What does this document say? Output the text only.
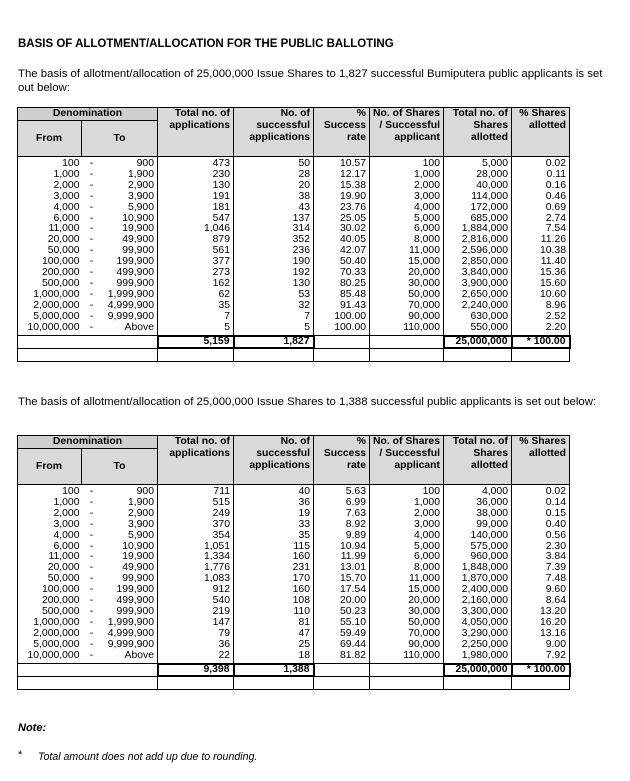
BASIS OF ALLOTMENT/ALLOCATION FOR THE PUBLIC BALLOTING
The basis of allotment/allocation of 25,000,000 Issue Shares to 1,827 successful Bumiputera public applicants is set out below:
The basis of allotment/allocation of 25,000,000 Issue Shares to 1,388 successful public applicants is set out below:
Denomination			Total no. of applications	No. of successful applications	% Success rate	No. of Shares / Successful applicant	Total no. of Shares allotted	% Shares allotted
From	To							
100	-	900	473	50	10.57	100	5,000	0.02
1,000	-	1,900	230	28	12.17	1,000	28,000	0.11
2,000	-	2,900	130	20	15.38	2,000	40,000	0.16
3,000	-	3,900	191	38	19.90	3,000	114,000	0.46
4,000	-	5,900	181	43	23.76	4,000	172,000	0.69
6,000	-	10,900	547	137	25.05	5,000	685,000	2.74
11,000	-	19,900	1,046	314	30.02	6,000	1,884,000	7.54
20,000	-	49,900	879	352	40.05	8,000	2,816,000	11.26
50,000	-	99,900	561	236	42.07	11,000	2,596,000	10.38
100,000	-	199,900	377	190	50.40	15,000	2,850,000	11.40
200,000	-	499,900	273	192	70.33	20,000	3,840,000	15.36
500,000	-	999,900	162	130	80.25	30,000	3,900,000	15.60
1,000,000	-	1,999,900	62	53	85.48	50,000	2,650,000	10.60
2,000,000	-	4,999,900	35	32	91.43	70,000	2,240,000	8.96
5,000,000	-	9,999,900	7	7	100.00	90,000	630,000	2.52
10,000,000	-	Above	5	5	100.00	110,000	550,000	2.20
			5,159	1,827			25,000,000	* 100.00

Denomination			Total no. of applications	No. of successful applications	% Success rate	No. of Shares / Successful applicant	Total no. of Shares allotted	% Shares allotted
From	To							
100	-	900	711	40	5.63	100	4,000	0.02
1,000	-	1,900	515	36	6.99	1,000	36,000	0.14
2,000	-	2,900	249	19	7.63	2,000	38,000	0.15
3,000	-	3,900	370	33	8.92	3,000	99,000	0.40
4,000	-	5,900	354	35	9.89	4,000	140,000	0.56
6,000	-	10,900	1,051	115	10.94	5,000	575,000	2.30
11,000	-	19,900	1,334	160	11.99	6,000	960,000	3.84
20,000	-	49,900	1,776	231	13.01	8,000	1,848,000	7.39
50,000	-	99,900	1,083	170	15.70	11,000	1,870,000	7.48
100,000	-	199,900	912	160	17.54	15,000	2,400,000	9.60
200,000	-	499,900	540	108	20.00	20,000	2,160,000	8.64
500,000	-	999,900	219	110	50.23	30,000	3,300,000	13.20
1,000,000	-	1,999,900	147	81	55.10	50,000	4,050,000	16.20
2,000,000	-	4,999,900	79	47	59.49	70,000	3,290,000	13.16
5,000,000	-	9,999,900	36	25	69.44	90,000	2,250,000	9.00
10,000,000	-	Above	22	18	81.82	110,000	1,980,000	7.92
			9,398	1,388			25,000,000	* 100.00

Note:
* Total amount does not add up due to rounding.
